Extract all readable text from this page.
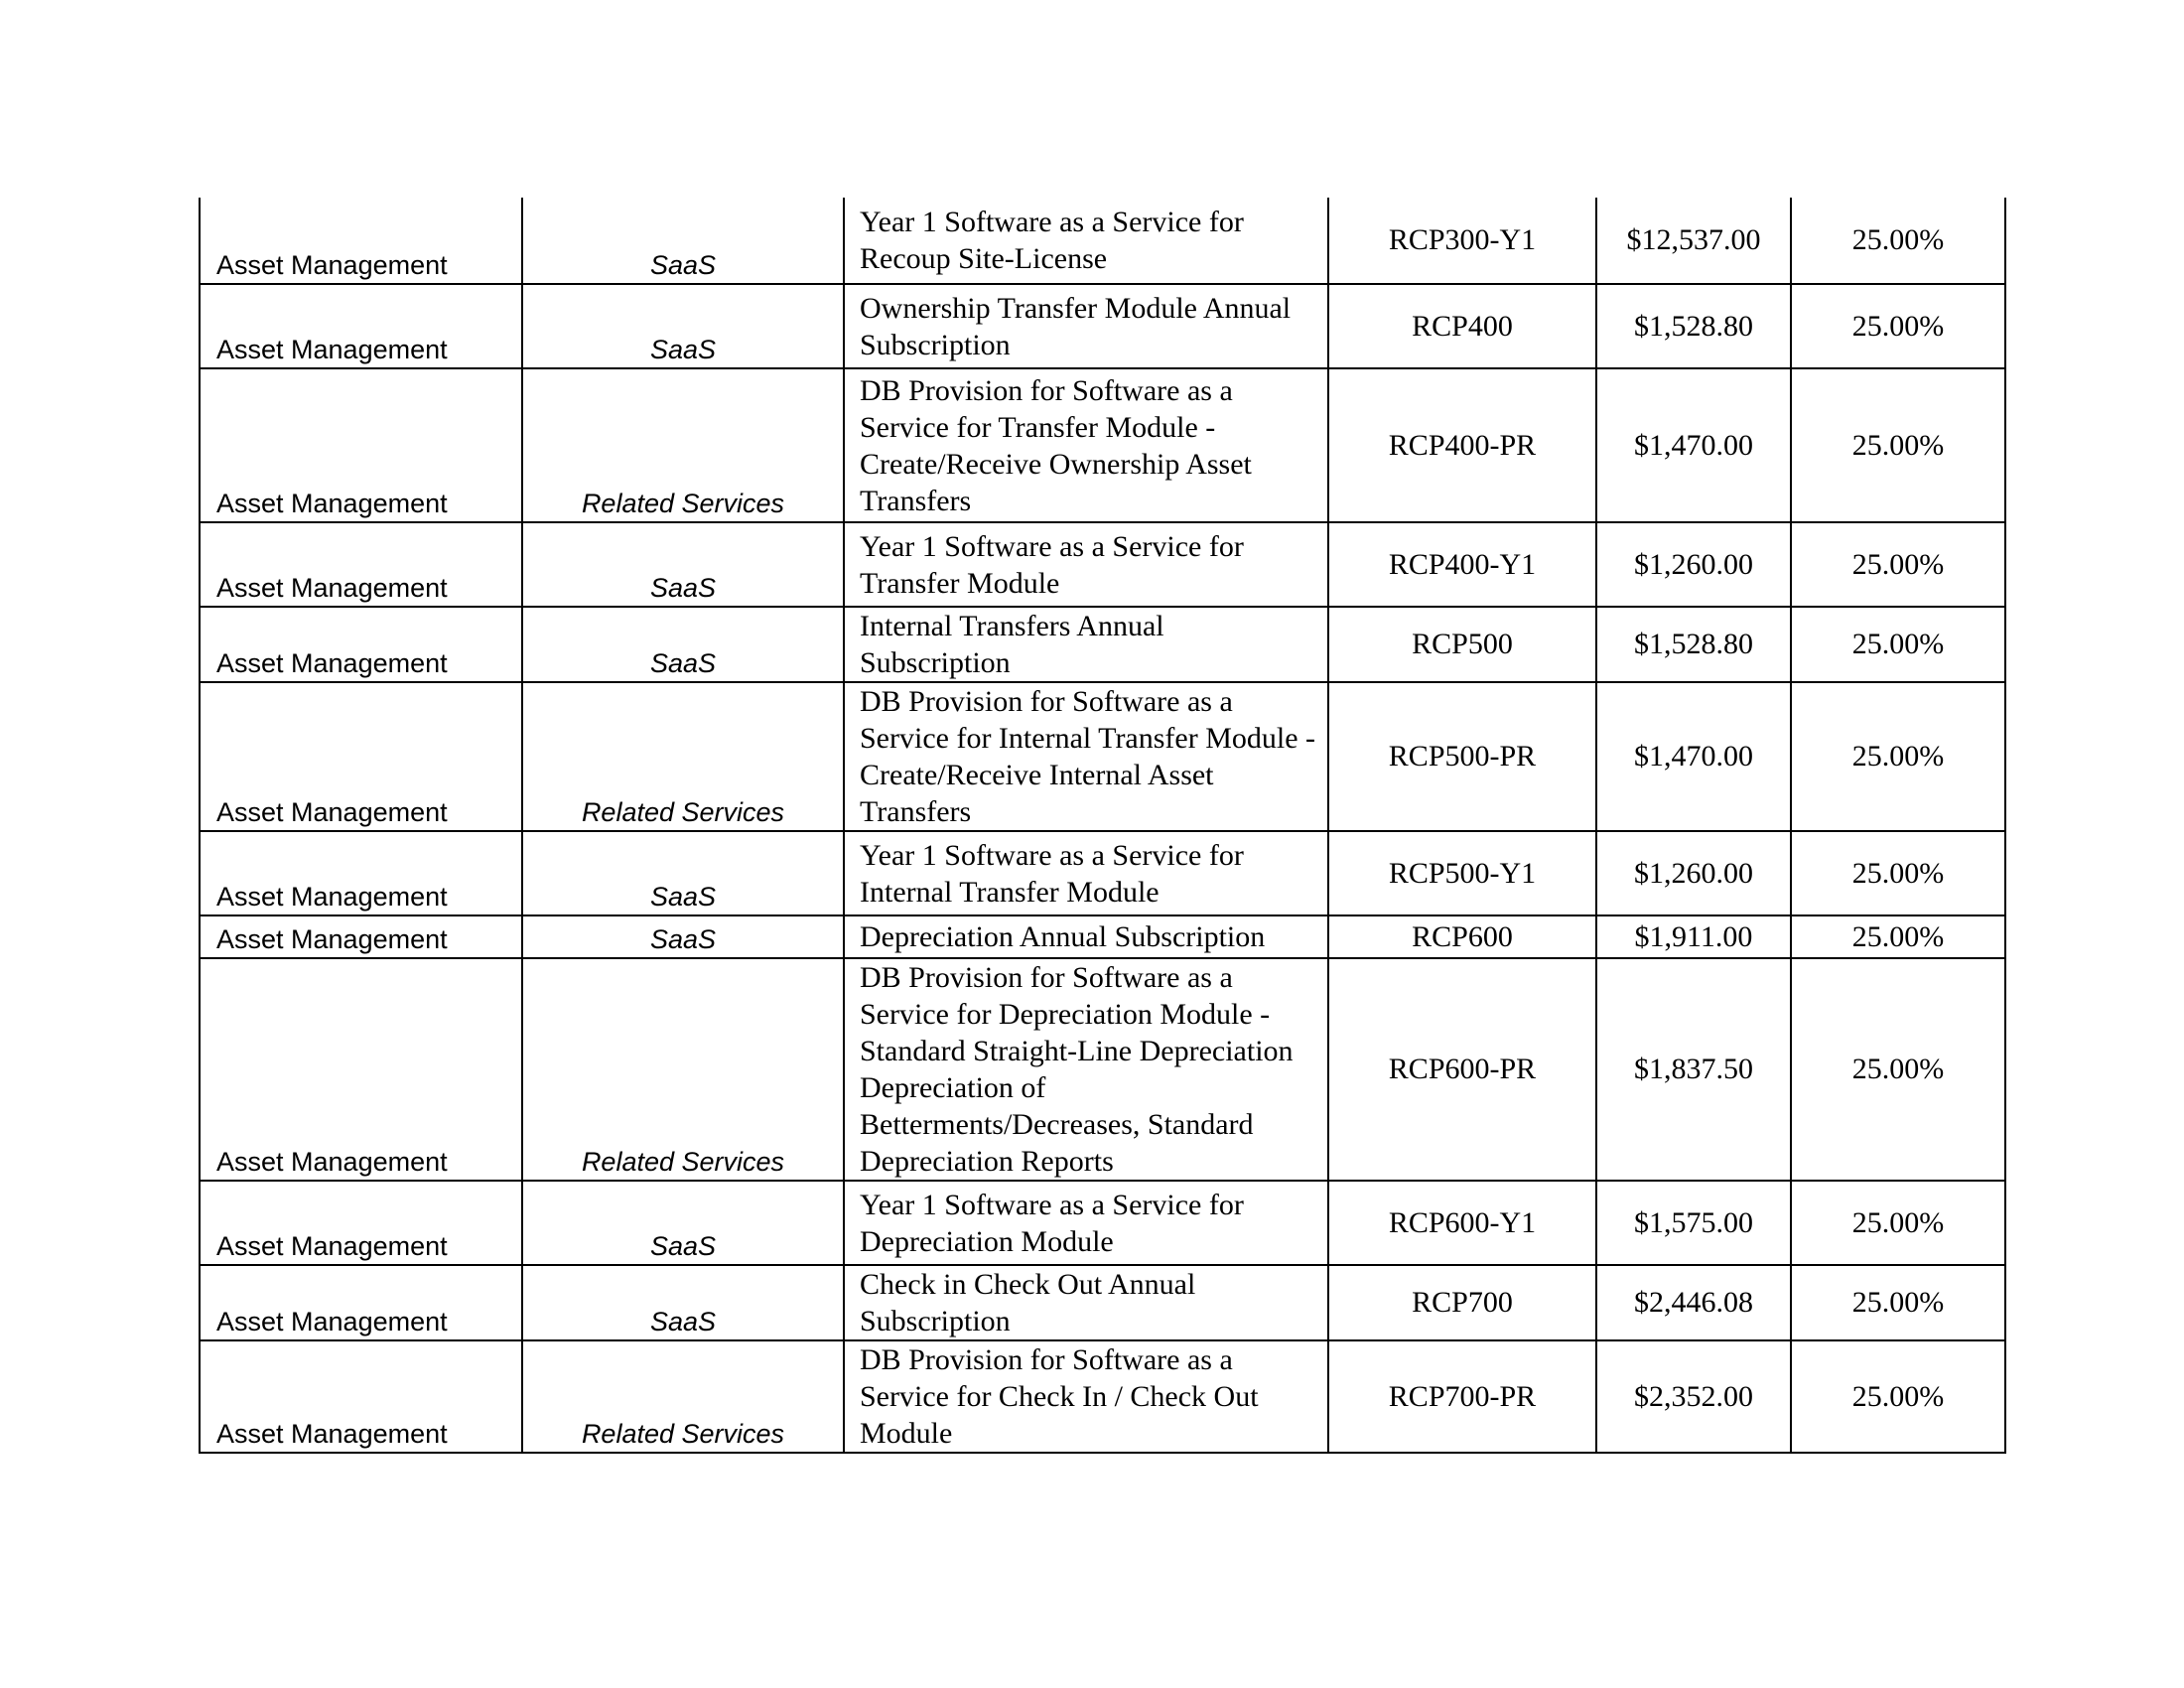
Asset Management	SaaS	Year 1 Software as a Service for Recoup Site-License	RCP300-Y1	$12,537.00	25.00%
Asset Management	SaaS	Ownership Transfer Module Annual Subscription	RCP400	$1,528.80	25.00%
Asset Management	Related Services	DB Provision for Software as a Service for Transfer Module - Create/Receive Ownership Asset Transfers	RCP400-PR	$1,470.00	25.00%
Asset Management	SaaS	Year 1 Software as a Service for Transfer Module	RCP400-Y1	$1,260.00	25.00%
Asset Management	SaaS	Internal Transfers Annual Subscription	RCP500	$1,528.80	25.00%
Asset Management	Related Services	DB Provision for Software as a Service for Internal Transfer Module - Create/Receive Internal Asset Transfers	RCP500-PR	$1,470.00	25.00%
Asset Management	SaaS	Year 1 Software as a Service for Internal Transfer Module	RCP500-Y1	$1,260.00	25.00%
Asset Management	SaaS	Depreciation Annual Subscription	RCP600	$1,911.00	25.00%
Asset Management	Related Services	DB Provision for Software as a Service for Depreciation Module - Standard Straight-Line Depreciation Depreciation of Betterments/Decreases, Standard Depreciation Reports	RCP600-PR	$1,837.50	25.00%
Asset Management	SaaS	Year 1 Software as a Service for Depreciation Module	RCP600-Y1	$1,575.00	25.00%
Asset Management	SaaS	Check in Check Out Annual Subscription	RCP700	$2,446.08	25.00%
Asset Management	Related Services	DB Provision for Software as a Service for Check In / Check Out Module	RCP700-PR	$2,352.00	25.00%
